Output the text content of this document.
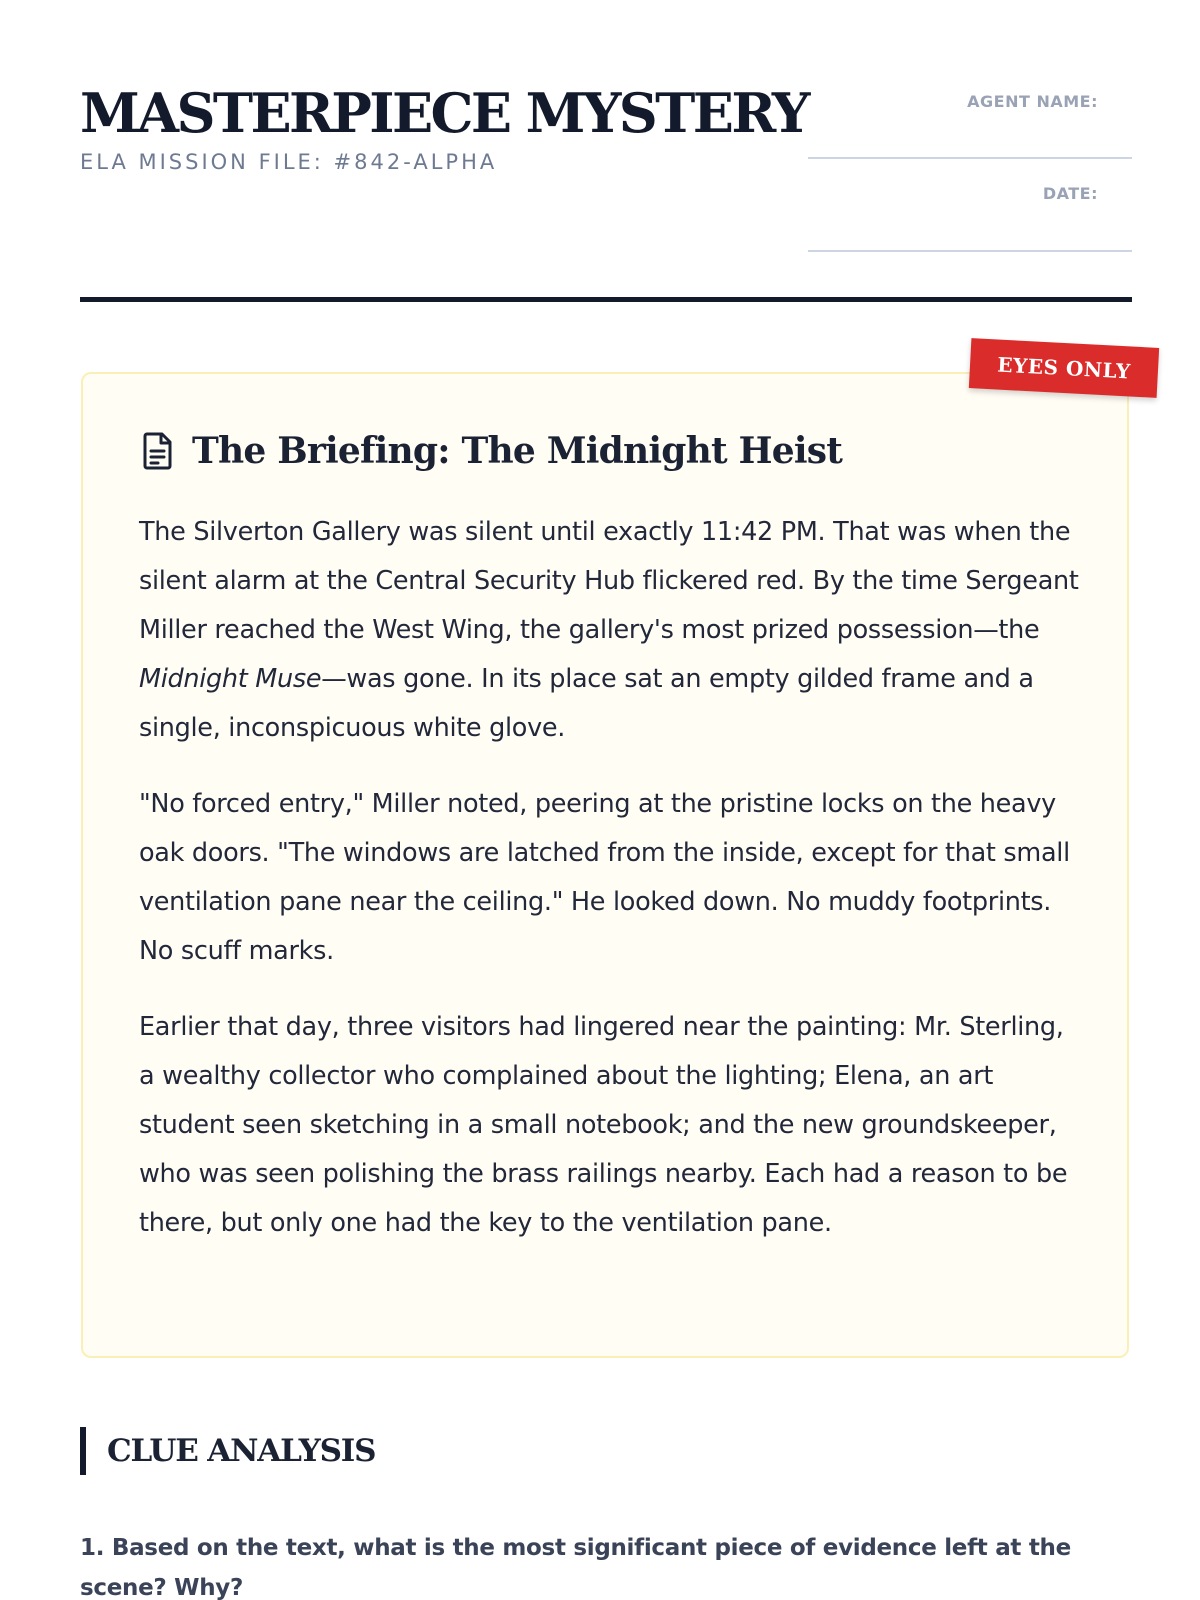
MASTERPIECE MYSTERY
ELA MISSION FILE: #842-ALPHA
AGENT NAME:
DATE:
EYES ONLY
The Briefing: The Midnight Heist

The Silverton Gallery was silent until exactly 11:42 PM. That was when the silent alarm at the Central Security Hub flickered red. By the time Sergeant Miller reached the West Wing, the gallery's most prized possession—the Midnight Muse—was gone. In its place sat an empty gilded frame and a single, inconspicuous white glove.

"No forced entry," Miller noted, peering at the pristine locks on the heavy oak doors. "The windows are latched from the inside, except for that small ventilation pane near the ceiling." He looked down. No muddy footprints. No scuff marks.

Earlier that day, three visitors had lingered near the painting: Mr. Sterling, a wealthy collector who complained about the lighting; Elena, an art student seen sketching in a small notebook; and the new groundskeeper, who was seen polishing the brass railings nearby. Each had a reason to be there, but only one had the key to the ventilation pane.

CLUE ANALYSIS
1. Based on the text, what is the most significant piece of evidence left at the scene? Why?
